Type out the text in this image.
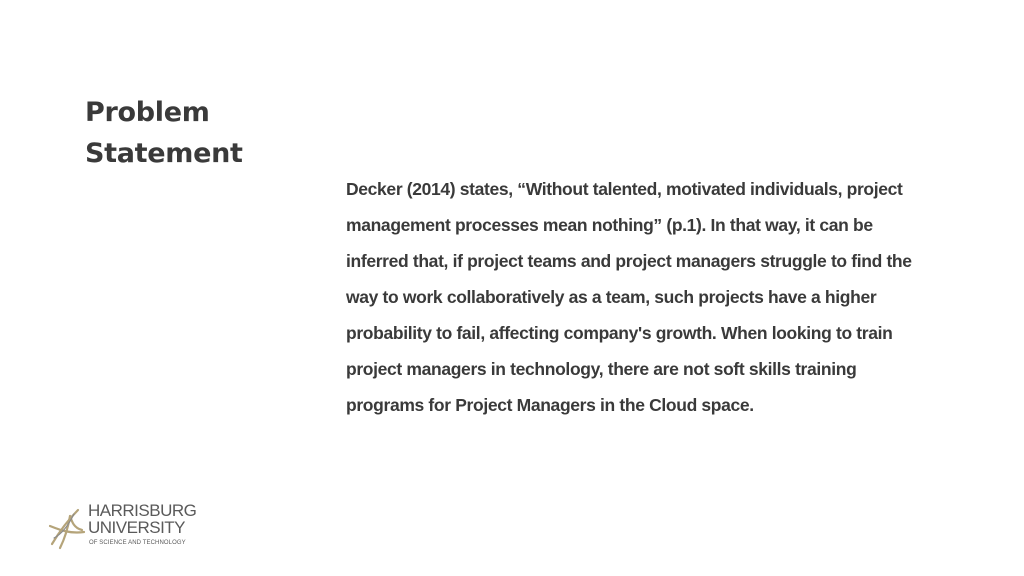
Problem
Statement

Decker (2014) states, “Without talented, motivated individuals, project management processes mean nothing” (p.1). In that way, it can be inferred that, if project teams and project managers struggle to find the way to work collaboratively as a team, such projects have a higher probability to fail, affecting company's growth. When looking to train project managers in technology, there are not soft skills training programs for Project Managers in the Cloud space.

HARRISBURG
UNIVERSITY
OF SCIENCE AND TECHNOLOGY
